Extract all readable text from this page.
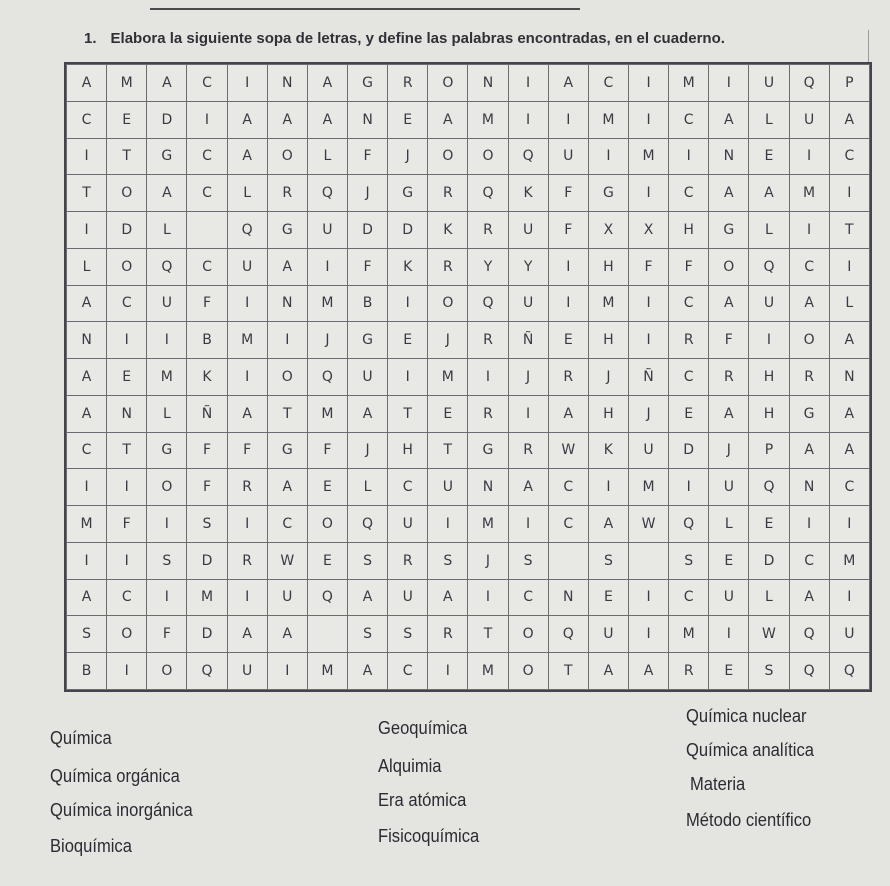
1. Elabora la siguiente sopa de letras, y define las palabras encontradas, en el cuaderno.
A	M	A	C	I	N	A	G	R	O	N	I	A	C	I	M	I	U	Q	P
C	E	D	I	A	A	A	N	E	A	M	I	I	M	I	C	A	L	U	A
I	T	G	C	A	O	L	F	J	O	O	Q	U	I	M	I	N	E	I	C
T	O	A	C	L	R	Q	J	G	R	Q	K	F	G	I	C	A	A	M	I
I	D	L		Q	G	U	D	D	K	R	U	F	X	X	H	G	L	I	T
L	O	Q	C	U	A	I	F	K	R	Y	Y	I	H	F	F	O	Q	C	I
A	C	U	F	I	N	M	B	I	O	Q	U	I	M	I	C	A	U	A	L
N	I	I	B	M	I	J	G	E	J	R	Ñ	E	H	I	R	F	I	O	A
A	E	M	K	I	O	Q	U	I	M	I	J	R	J	Ñ	C	R	H	R	N
A	N	L	Ñ	A	T	M	A	T	E	R	I	A	H	J	E	A	H	G	A
C	T	G	F	F	G	F	J	H	T	G	R	W	K	U	D	J	P	A	A
I	I	O	F	R	A	E	L	C	U	N	A	C	I	M	I	U	Q	N	C
M	F	I	S	I	C	O	Q	U	I	M	I	C	A	W	Q	L	E	I	I
I	I	S	D	R	W	E	S	R	S	J	S		S		S	E	D	C	M
A	C	I	M	I	U	Q	A	U	A	I	C	N	E	I	C	U	L	A	I
S	O	F	D	A	A		S	S	R	T	O	Q	U	I	M	I	W	Q	U
B	I	O	Q	U	I	M	A	C	I	M	O	T	A	A	R	E	S	Q	Q
Química
Química orgánica
Química inorgánica
Bioquímica
Geoquímica
Alquimia
Era atómica
Fisicoquímica
Química nuclear
Química analítica
Materia
Método científico
